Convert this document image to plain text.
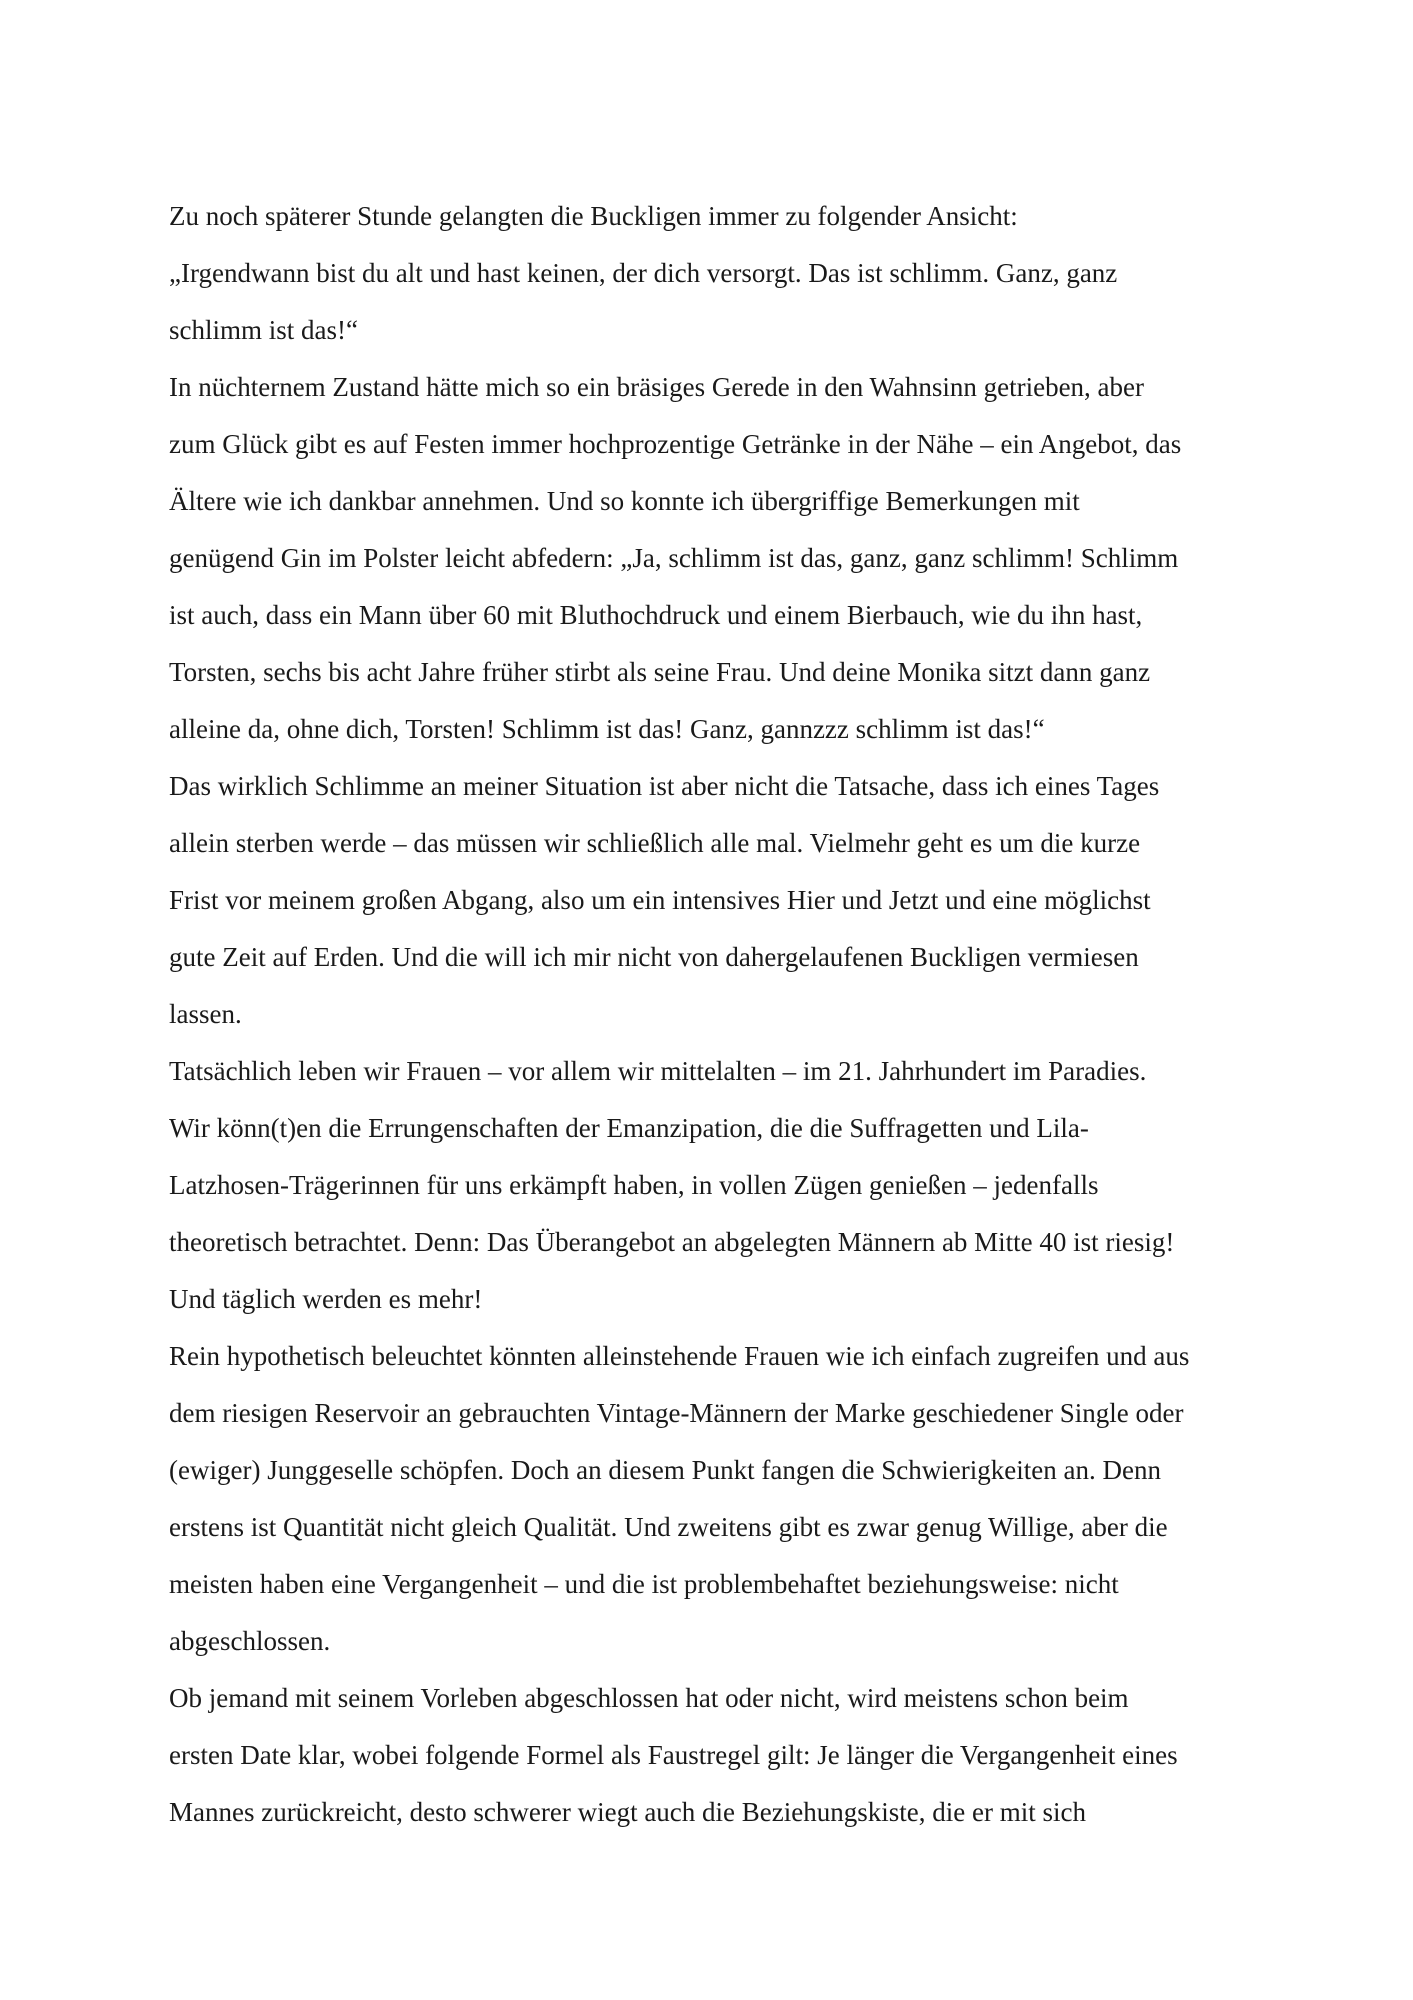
Zu noch späterer Stunde gelangten die Buckligen immer zu folgender Ansicht:
„Irgendwann bist du alt und hast keinen, der dich versorgt. Das ist schlimm. Ganz, ganz
schlimm ist das!“
In nüchternem Zustand hätte mich so ein bräsiges Gerede in den Wahnsinn getrieben, aber
zum Glück gibt es auf Festen immer hochprozentige Getränke in der Nähe – ein Angebot, das
Ältere wie ich dankbar annehmen. Und so konnte ich übergriffige Bemerkungen mit
genügend Gin im Polster leicht abfedern: „Ja, schlimm ist das, ganz, ganz schlimm! Schlimm
ist auch, dass ein Mann über 60 mit Bluthochdruck und einem Bierbauch, wie du ihn hast,
Torsten, sechs bis acht Jahre früher stirbt als seine Frau. Und deine Monika sitzt dann ganz
alleine da, ohne dich, Torsten! Schlimm ist das! Ganz, gannzzz schlimm ist das!“
Das wirklich Schlimme an meiner Situation ist aber nicht die Tatsache, dass ich eines Tages
allein sterben werde – das müssen wir schließlich alle mal. Vielmehr geht es um die kurze
Frist vor meinem großen Abgang, also um ein intensives Hier und Jetzt und eine möglichst
gute Zeit auf Erden. Und die will ich mir nicht von dahergelaufenen Buckligen vermiesen
lassen.
Tatsächlich leben wir Frauen – vor allem wir mittelalten – im 21. Jahrhundert im Paradies.
Wir könn(t)en die Errungenschaften der Emanzipation, die die Suffragetten und Lila-
Latzhosen-Trägerinnen für uns erkämpft haben, in vollen Zügen genießen – jedenfalls
theoretisch betrachtet. Denn: Das Überangebot an abgelegten Männern ab Mitte 40 ist riesig!
Und täglich werden es mehr!
Rein hypothetisch beleuchtet könnten alleinstehende Frauen wie ich einfach zugreifen und aus
dem riesigen Reservoir an gebrauchten Vintage-Männern der Marke geschiedener Single oder
(ewiger) Junggeselle schöpfen. Doch an diesem Punkt fangen die Schwierigkeiten an. Denn
erstens ist Quantität nicht gleich Qualität. Und zweitens gibt es zwar genug Willige, aber die
meisten haben eine Vergangenheit – und die ist problembehaftet beziehungsweise: nicht
abgeschlossen.
Ob jemand mit seinem Vorleben abgeschlossen hat oder nicht, wird meistens schon beim
ersten Date klar, wobei folgende Formel als Faustregel gilt: Je länger die Vergangenheit eines
Mannes zurückreicht, desto schwerer wiegt auch die Beziehungskiste, die er mit sich
